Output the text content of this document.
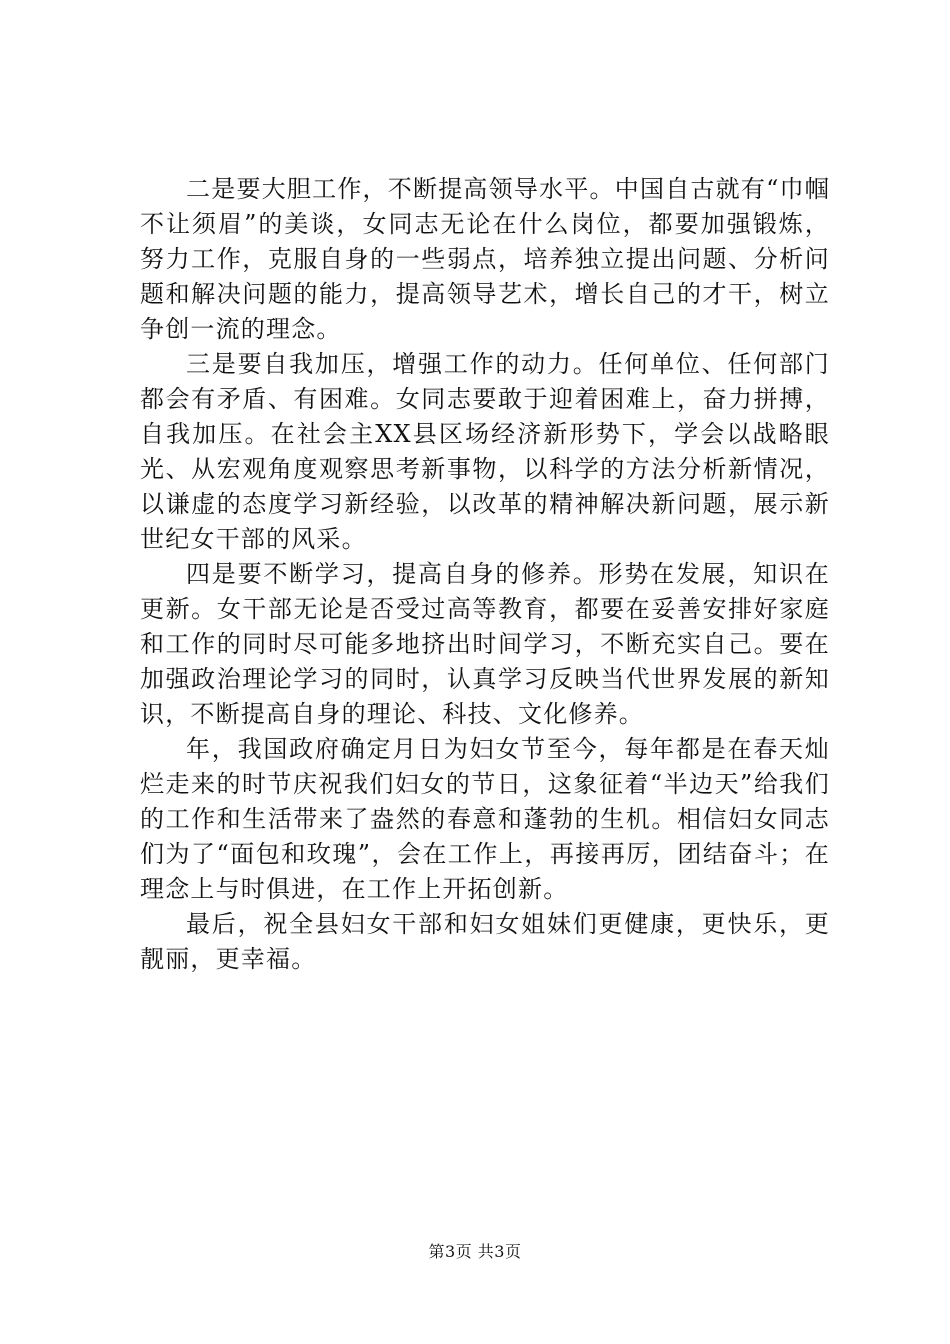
二是要大胆工作，不断提高领导水平。中国自古就有“巾帼不让须眉”的美谈，女同志无论在什么岗位，都要加强锻炼，努力工作，克服自身的一些弱点，培养独立提出问题、分析问题和解决问题的能力，提高领导艺术，增长自己的才干，树立争创一流的理念。

三是要自我加压，增强工作的动力。任何单位、任何部门都会有矛盾、有困难。女同志要敢于迎着困难上，奋力拼搏，自我加压。在社会主XX县区场经济新形势下，学会以战略眼光、从宏观角度观察思考新事物，以科学的方法分析新情况，以谦虚的态度学习新经验，以改革的精神解决新问题，展示新世纪女干部的风采。

四是要不断学习，提高自身的修养。形势在发展，知识在更新。女干部无论是否受过高等教育，都要在妥善安排好家庭和工作的同时尽可能多地挤出时间学习，不断充实自己。要在加强政治理论学习的同时，认真学习反映当代世界发展的新知识，不断提高自身的理论、科技、文化修养。

年，我国政府确定月日为妇女节至今，每年都是在春天灿烂走来的时节庆祝我们妇女的节日，这象征着“半边天”给我们的工作和生活带来了盎然的春意和蓬勃的生机。相信妇女同志们为了“面包和玫瑰”，会在工作上，再接再厉，团结奋斗；在理念上与时俱进，在工作上开拓创新。

最后，祝全县妇女干部和妇女姐妹们更健康，更快乐，更靓丽，更幸福。

第3页 共3页
